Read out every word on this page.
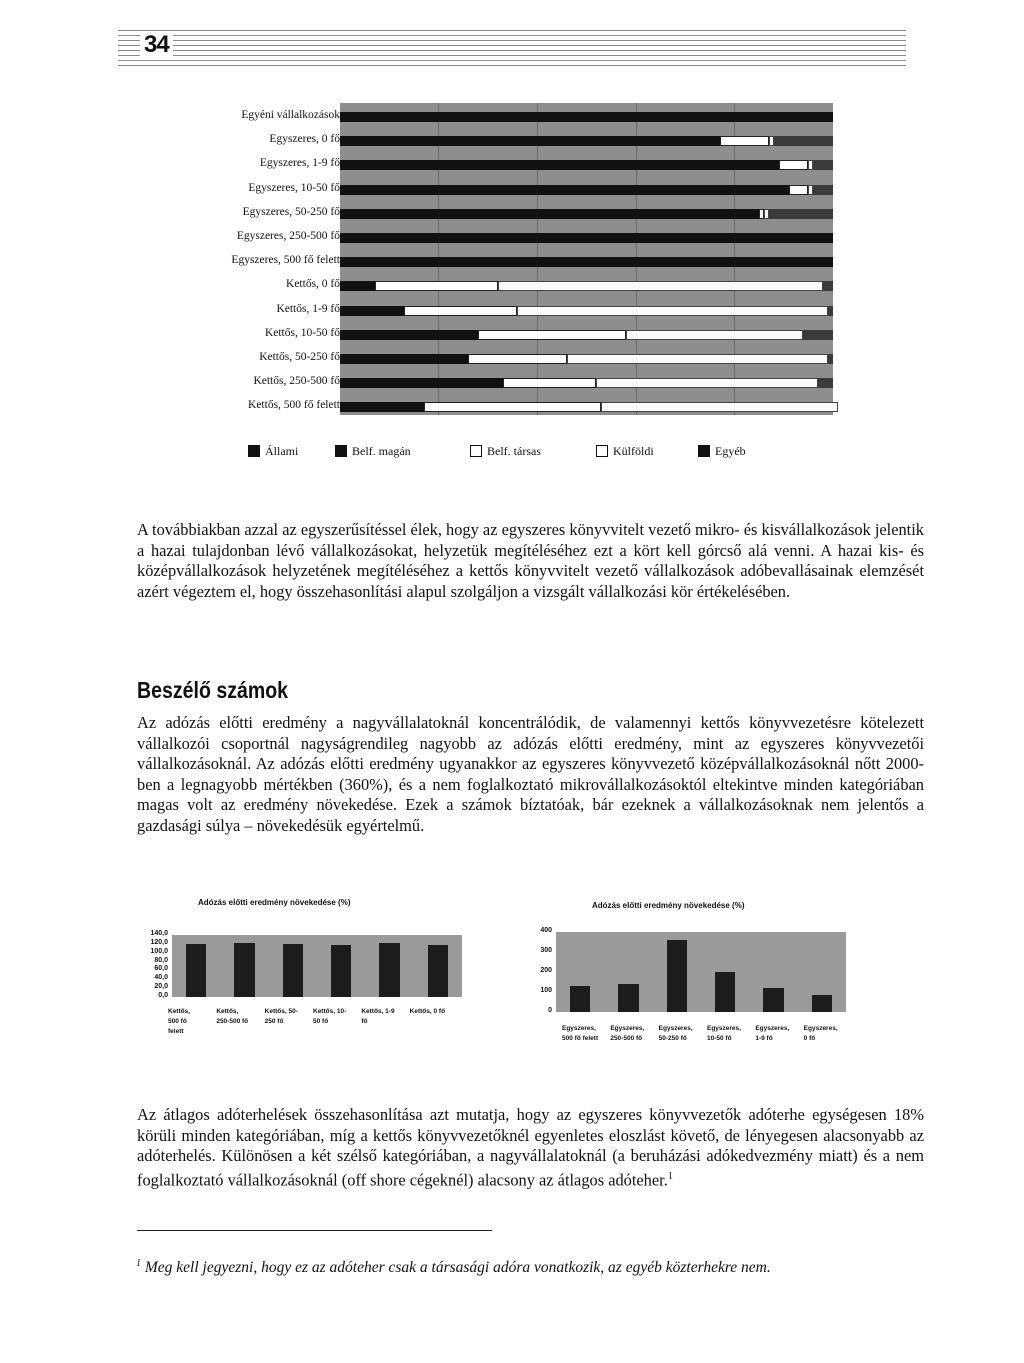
34
Egyéni vállalkozások
Egyszeres, 0 fő
Egyszeres, 1-9 fő
Egyszeres, 10-50 fő
Egyszeres, 50-250 fő
Egyszeres, 250-500 fő
Egyszeres, 500 fő felett
Kettős, 0 fő
Kettős, 1-9 fő
Kettős, 10-50 fő
Kettős, 50-250 fő
Kettős, 250-500 fő
Kettős, 500 fő felett
Állami	Belf. magán	Belf. társas	Külföldi	Egyéb

A továbbiakban azzal az egyszerűsítéssel élek, hogy az egyszeres könyvvitelt vezető mikro- és kisvállalkozások jelentik a hazai tulajdonban lévő vállalkozásokat, helyzetük megítéléséhez ezt a kört kell górcső alá venni. A hazai kis- és középvállalkozások helyzetének megítéléséhez a kettős könyvvitelt vezető vállalkozások adóbevallásainak elemzését azért végeztem el, hogy összehasonlítási alapul szolgáljon a vizsgált vállalkozási kör értékelésében.

Beszélő számok

Az adózás előtti eredmény a nagyvállalatoknál koncentrálódik, de valamennyi kettős könyvvezetésre kötelezett vállalkozói csoportnál nagyságrendileg nagyobb az adózás előtti eredmény, mint az egyszeres könyvvezetői vállalkozásoknál. Az adózás előtti eredmény ugyanakkor az egyszeres könyvvezető középvállalkozásoknál nőtt 2000-ben a legnagyobb mértékben (360%), és a nem foglalkoztató mikrovállalkozásoktól eltekintve minden kategóriában magas volt az eredmény növekedése. Ezek a számok bíztatóak, bár ezeknek a vállalkozásoknak nem jelentős a gazdasági súlya – növekedésük egyértelmű.

Adózás előtti eredmény növekedése (%)
140,0
120,0
100,0
80,0
60,0
40,0
20,0
0,0
Kettős,
500 fő
felett
Kettős,
250-500 fő
Kettős, 50-
250 fő
Kettős, 10-
50 fő
Kettős, 1-9
fő
Kettős, 0 fő
Adózás előtti eredmény növekedése (%)
400
300
200
100
0
Egyszeres,
500 fő felett
Egyszeres,
250-500 fő
Egyszeres,
50-250 fő
Egyszeres,
10-50 fő
Egyszeres,
1-9 fő
Egyszeres,
0 fő

Az átlagos adóterhelések összehasonlítása azt mutatja, hogy az egyszeres könyvvezetők adóterhe egységesen 18% körüli minden kategóriában, míg a kettős könyvvezetőknél egyenletes eloszlást követő, de lényegesen alacsonyabb az adóterhelés. Különösen a két szélső kategóriában, a nagyvállalatoknál (a beruházási adókedvezmény miatt) és a nem foglalkoztató vállalkozásoknál (off shore cégeknél) alacsony az átlagos adóteher.$^1$

$^1$ Meg kell jegyezni, hogy ez az adóteher csak a társasági adóra vonatkozik, az egyéb közterhekre nem.
